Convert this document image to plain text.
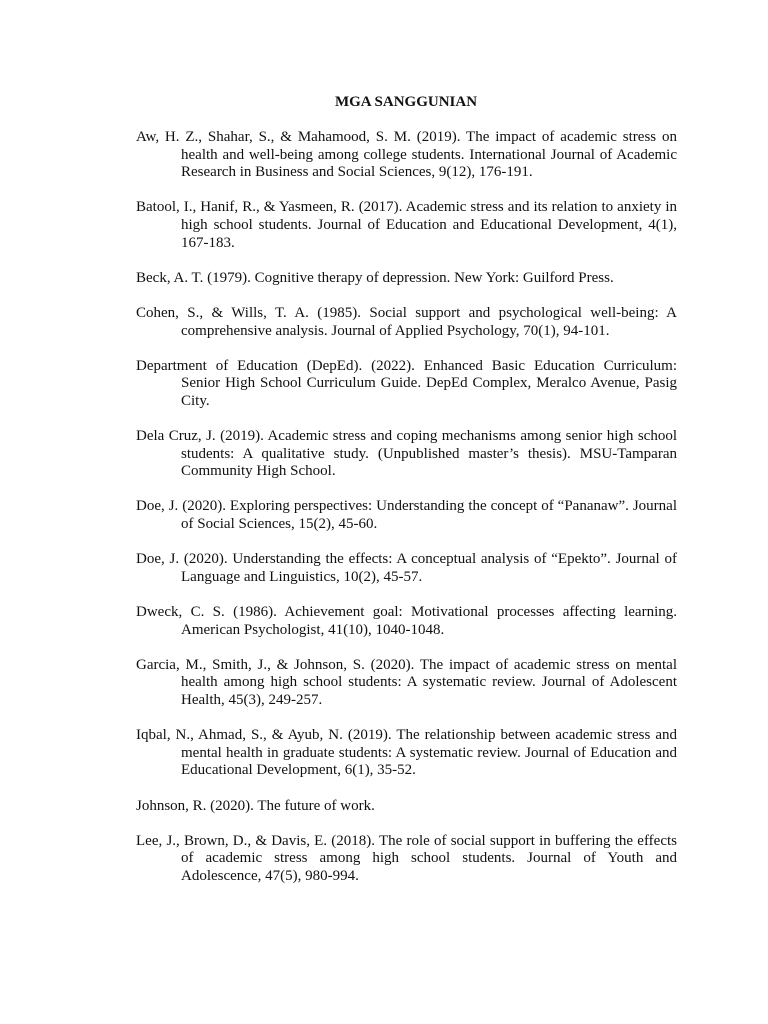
MGA SANGGUNIAN
Aw, H. Z., Shahar, S., & Mahamood, S. M. (2019). The impact of academic stress on health and well-being among college students. International Journal of Academic Research in Business and Social Sciences, 9(12), 176-191.
Batool, I., Hanif, R., & Yasmeen, R. (2017). Academic stress and its relation to anxiety in high school students. Journal of Education and Educational Development, 4(1), 167-183.
Beck, A. T. (1979). Cognitive therapy of depression. New York: Guilford Press.
Cohen, S., & Wills, T. A. (1985). Social support and psychological well-being: A comprehensive analysis. Journal of Applied Psychology, 70(1), 94-101.
Department of Education (DepEd). (2022). Enhanced Basic Education Curriculum: Senior High School Curriculum Guide. DepEd Complex, Meralco Avenue, Pasig City.
Dela Cruz, J. (2019). Academic stress and coping mechanisms among senior high school students: A qualitative study. (Unpublished master’s thesis). MSU-Tamparan Community High School.
Doe, J. (2020). Exploring perspectives: Understanding the concept of “Pananaw”. Journal of Social Sciences, 15(2), 45-60.
Doe, J. (2020). Understanding the effects: A conceptual analysis of “Epekto”. Journal of Language and Linguistics, 10(2), 45-57.
Dweck, C. S. (1986). Achievement goal: Motivational processes affecting learning. American Psychologist, 41(10), 1040-1048.
Garcia, M., Smith, J., & Johnson, S. (2020). The impact of academic stress on mental health among high school students: A systematic review. Journal of Adolescent Health, 45(3), 249-257.
Iqbal, N., Ahmad, S., & Ayub, N. (2019). The relationship between academic stress and mental health in graduate students: A systematic review. Journal of Education and Educational Development, 6(1), 35-52.
Johnson, R. (2020). The future of work.
Lee, J., Brown, D., & Davis, E. (2018). The role of social support in buffering the effects of academic stress among high school students. Journal of Youth and Adolescence, 47(5), 980-994.
